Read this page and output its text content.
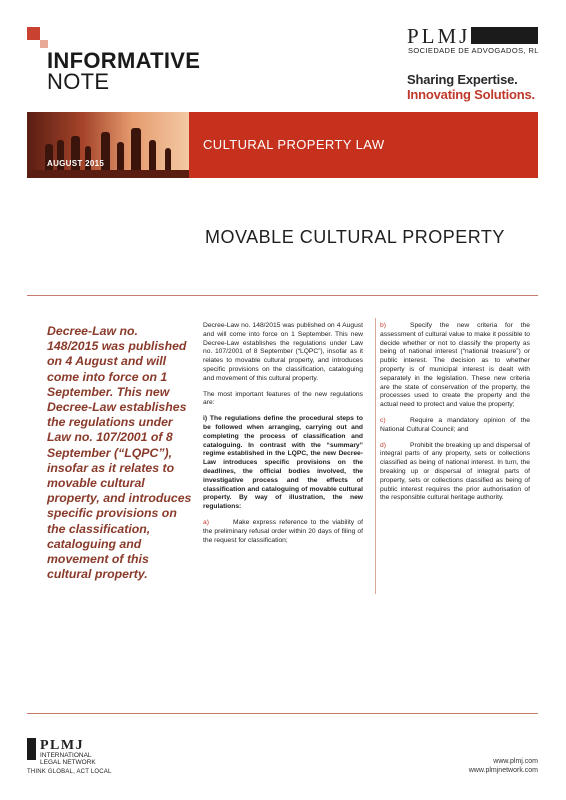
INFORMATIVE
NOTE
PLMJ
SOCIEDADE DE ADVOGADOS, RL
Sharing Expertise.
Innovating Solutions.
CULTURAL PROPERTY LAW
AUGUST 2015
MOVABLE CULTURAL PROPERTY
Decree-Law no. 148/2015 was published on 4 August and will come into force on 1 September. This new Decree-Law establishes the regulations under Law no. 107/2001 of 8 September (“LQPC”), insofar as it relates to movable cultural property, and introduces specific provisions on the classification, cataloguing and movement of this cultural property.

Decree-Law no. 148/2015 was published on 4 August and will come into force on 1 September. This new Decree-Law establishes the regulations under Law no. 107/2001 of 8 September (“LQPC”), insofar as it relates to movable cultural property, and introduces specific provisions on the classification, cataloguing and movement of this cultural property.

The most important features of the new regulations are:

i) The regulations define the procedural steps to be followed when arranging, carrying out and completing the process of classification and cataloguing. In contrast with the “summary” regime established in the LQPC, the new Decree-Law introduces specific provisions on the deadlines, the official bodies involved, the investigative process and the effects of classification and cataloguing of movable cultural property. By way of illustration, the new regulations:

a)	Make express reference to the viability of the preliminary refusal order within 20 days of filing of the request for classification;

b)	Specify the new criteria for the assessment of cultural value to make it possible to decide whether or not to classify the property as being of national interest (“national treasure”) or public interest. The decision as to whether property is of municipal interest is dealt with separately in the legislation. These new criteria are the state of conservation of the property, the processes used to create the property and the actual need to protect and value the property;

c)	Require a mandatory opinion of the National Cultural Council; and

d)	Prohibit the breaking up and dispersal of integral parts of any property, sets or collections classified as being of national interest. In turn, the breaking up or dispersal of integral parts of property, sets or collections classified as being of public interest requires the prior authorisation of the responsible cultural heritage authority.

PLMJ
INTERNATIONAL
LEGAL NETWORK
THINK GLOBAL, ACT LOCAL
www.plmj.com
www.plmjnetwork.com
